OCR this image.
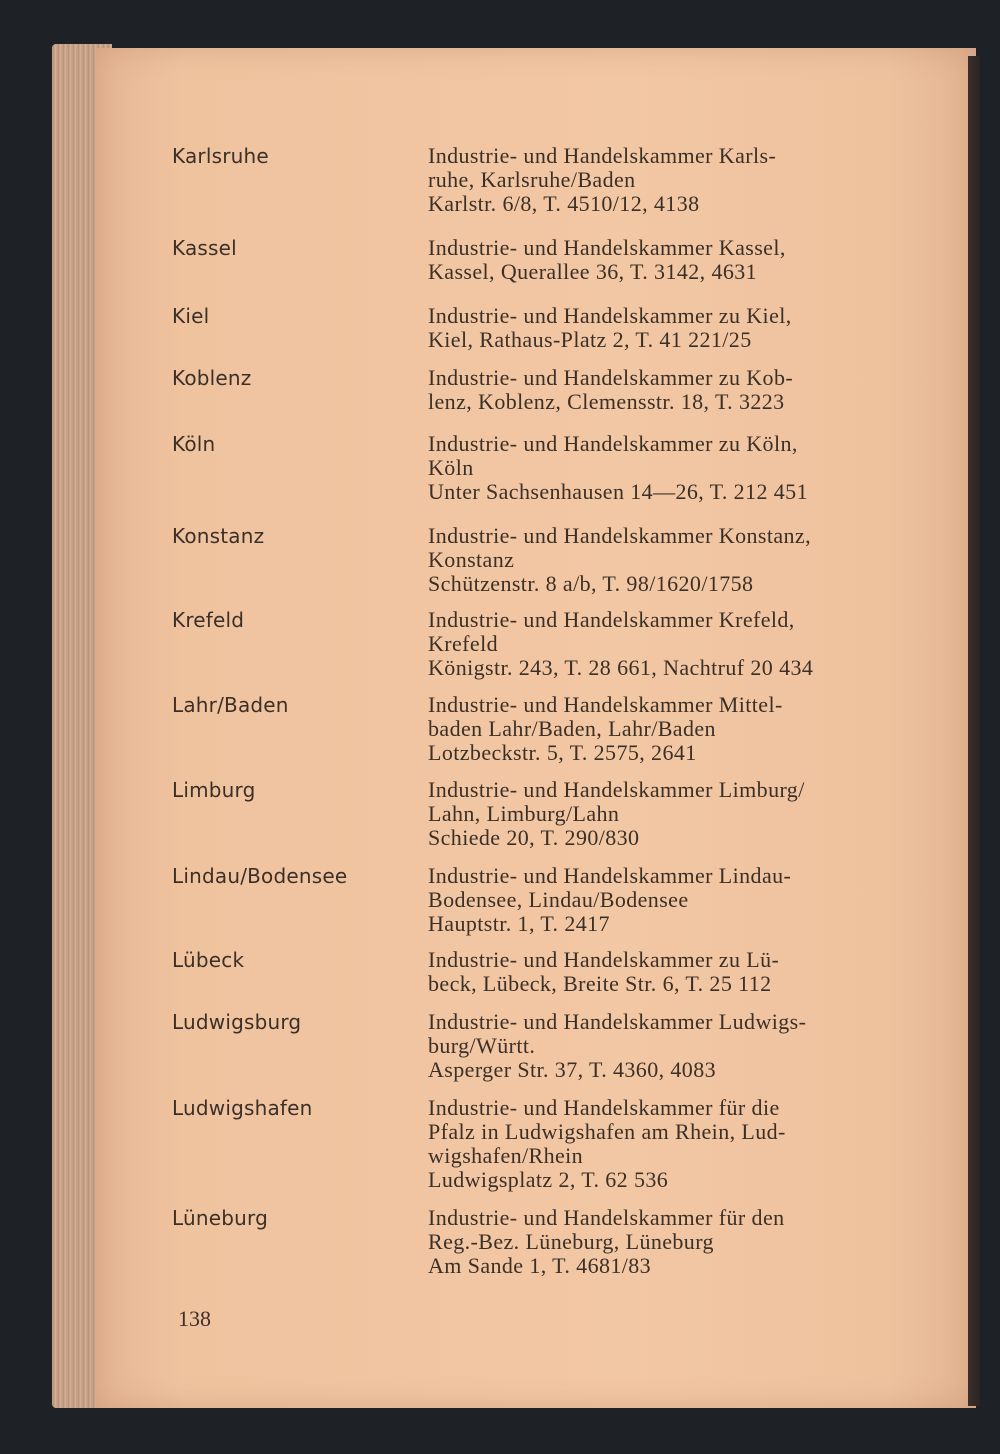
Karlsruhe	Industrie- und Handelskammer Karls-
ruhe, Karlsruhe/Baden
Karlstr. 6/8, T. 4510/12, 4138
Kassel	Industrie- und Handelskammer Kassel,
Kassel, Querallee 36, T. 3142, 4631
Kiel	Industrie- und Handelskammer zu Kiel,
Kiel, Rathaus-Platz 2, T. 41 221/25
Koblenz	Industrie- und Handelskammer zu Kob-
lenz, Koblenz, Clemensstr. 18, T. 3223
Köln	Industrie- und Handelskammer zu Köln,
Köln
Unter Sachsenhausen 14—26, T. 212 451
Konstanz	Industrie- und Handelskammer Konstanz,
Konstanz
Schützenstr. 8 a/b, T. 98/1620/1758
Krefeld	Industrie- und Handelskammer Krefeld,
Krefeld
Königstr. 243, T. 28 661, Nachtruf 20 434
Lahr/Baden	Industrie- und Handelskammer Mittel-
baden Lahr/Baden, Lahr/Baden
Lotzbeckstr. 5, T. 2575, 2641
Limburg	Industrie- und Handelskammer Limburg/
Lahn, Limburg/Lahn
Schiede 20, T. 290/830
Lindau/Bodensee	Industrie- und Handelskammer Lindau-
Bodensee, Lindau/Bodensee
Hauptstr. 1, T. 2417
Lübeck	Industrie- und Handelskammer zu Lü-
beck, Lübeck, Breite Str. 6, T. 25 112
Ludwigsburg	Industrie- und Handelskammer Ludwigs-
burg/Württ.
Asperger Str. 37, T. 4360, 4083
Ludwigshafen	Industrie- und Handelskammer für die
Pfalz in Ludwigshafen am Rhein, Lud-
wigshafen/Rhein
Ludwigsplatz 2, T. 62 536
Lüneburg	Industrie- und Handelskammer für den
Reg.-Bez. Lüneburg, Lüneburg
Am Sande 1, T. 4681/83
138
